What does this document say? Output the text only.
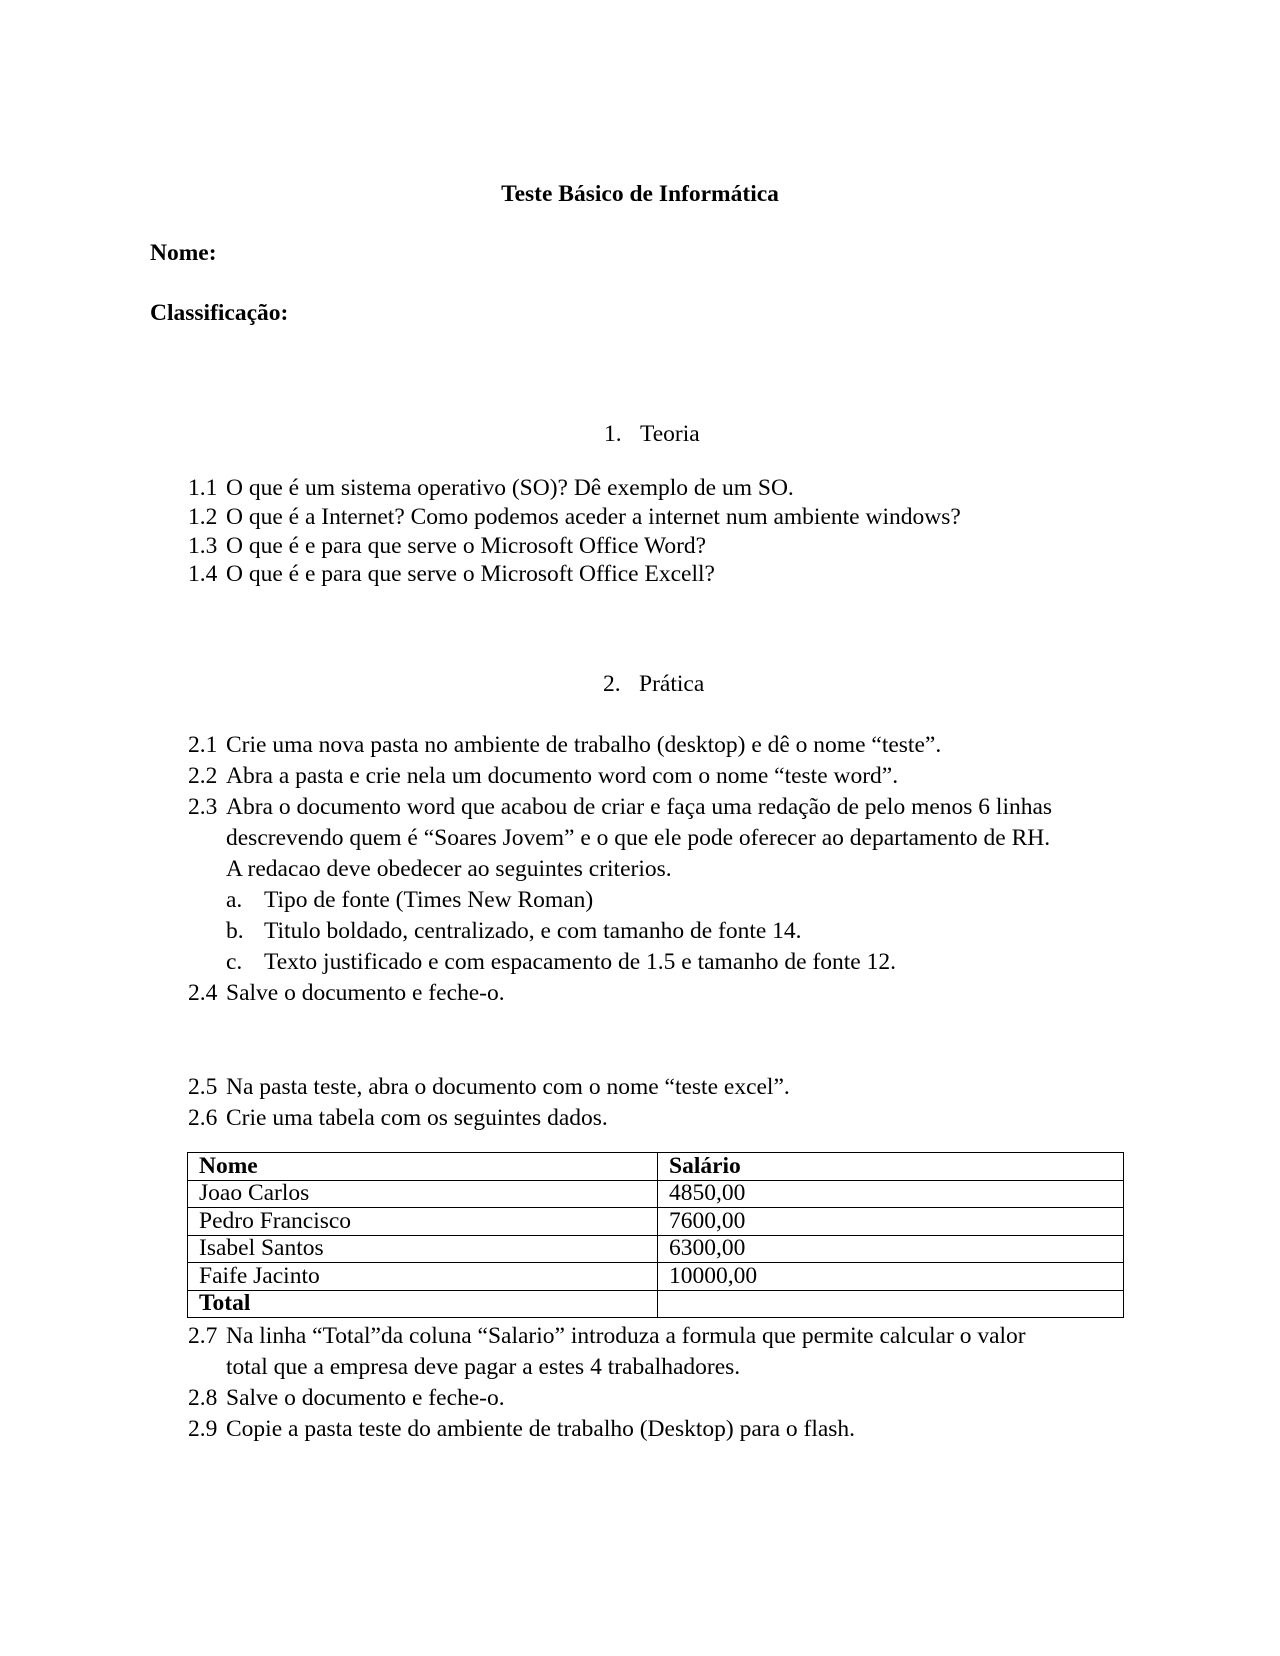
Teste Básico de Informática
Nome:
Classificação:
1. Teoria
1.1 O que é um sistema operativo (SO)? Dê exemplo de um SO.
1.2 O que é a Internet? Como podemos aceder a internet num ambiente windows?
1.3 O que é e para que serve o Microsoft Office Word?
1.4 O que é e para que serve o Microsoft Office Excell?
2. Prática
2.1 Crie uma nova pasta no ambiente de trabalho (desktop) e dê o nome “teste”.
2.2 Abra a pasta e crie nela um documento word com o nome “teste word”.
2.3 Abra o documento word que acabou de criar e faça uma redação de pelo menos 6 linhas
descrevendo quem é “Soares Jovem” e o que ele pode oferecer ao departamento de RH.
A redacao deve obedecer ao seguintes criterios.
a. Tipo de fonte (Times New Roman)
b. Titulo boldado, centralizado, e com tamanho de fonte 14.
c. Texto justificado e com espacamento de 1.5 e tamanho de fonte 12.
2.4 Salve o documento e feche-o.
2.5 Na pasta teste, abra o documento com o nome “teste excel”.
2.6 Crie uma tabela com os seguintes dados.
Nome	Salário
Joao Carlos	4850,00
Pedro Francisco	7600,00
Isabel Santos	6300,00
Faife Jacinto	10000,00
Total	
2.7 Na linha “Total”da coluna “Salario” introduza a formula que permite calcular o valor
total que a empresa deve pagar a estes 4 trabalhadores.
2.8 Salve o documento e feche-o.
2.9 Copie a pasta teste do ambiente de trabalho (Desktop) para o flash.
